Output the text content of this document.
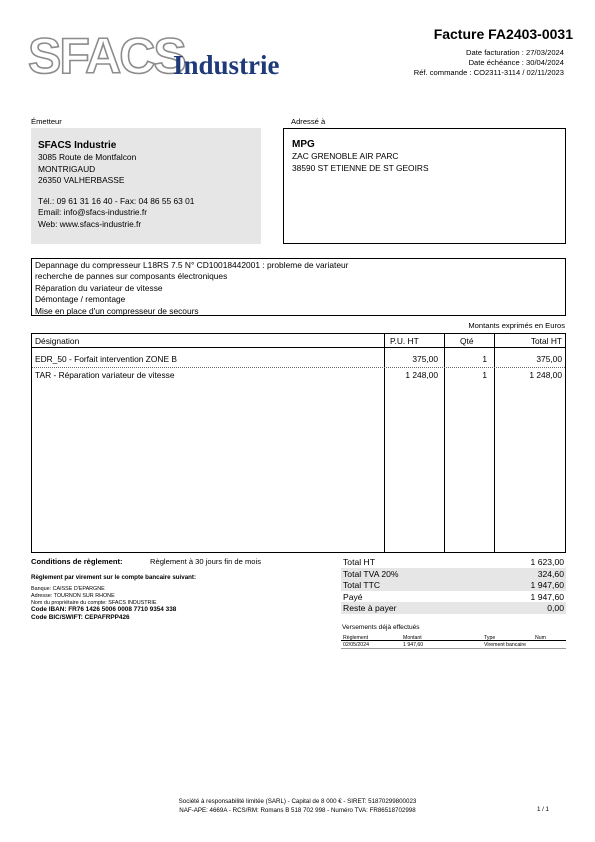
SFACS
Industrie
Facture FA2403-0031
Date facturation : 27/03/2024
Date échéance : 30/04/2024
Réf. commande : CO2311-3114 / 02/11/2023
Émetteur
SFACS Industrie
3085 Route de Montfalcon
MONTRIGAUD
26350 VALHERBASSE
Tél.: 09 61 31 16 40 - Fax: 04 86 55 63 01
Email: info@sfacs-industrie.fr
Web: www.sfacs-industrie.fr
Adressé à
MPG
ZAC GRENOBLE AIR PARC
38590 ST ETIENNE DE ST GEOIRS
Depannage du compresseur L18RS 7.5 N° CD10018442001 : probleme de variateur
recherche de pannes sur composants électroniques
Réparation du variateur de vitesse
Démontage / remontage
Mise en place d'un compresseur de secours
Montants exprimés en Euros
Désignation	P.U. HT	Qté	Total HT
EDR_50 - Forfait intervention ZONE B	375,00	1	375,00
TAR - Réparation variateur de vitesse	1 248,00	1	1 248,00
Conditions de règlement:	Règlement à 30 jours fin de mois
Règlement par virement sur le compte bancaire suivant:
Banque: CAISSE D'EPARGNE
Adresse: TOURNON SUR RHONE
Nom du propriétaire du compte: SFACS INDUSTRIE
Code IBAN: FR76 1426 5006 0008 7710 9354 338
Code BIC/SWIFT: CEPAFRPP426
Total HT	1 623,00
Total TVA 20%	324,60
Total TTC	1 947,60
Payé	1 947,60
Reste à payer	0,00
Versements déjà effectués
Règlement	Montant	Type	Num
02/05/2024	1 947,60	Virement bancaire
Société à responsabilité limitée (SARL) - Capital de 8 000 € - SIRET: 51870299800023
NAF-APE: 4669A - RCS/RM: Romans B 518 702 998 - Numéro TVA: FR86518702998	1 / 1
